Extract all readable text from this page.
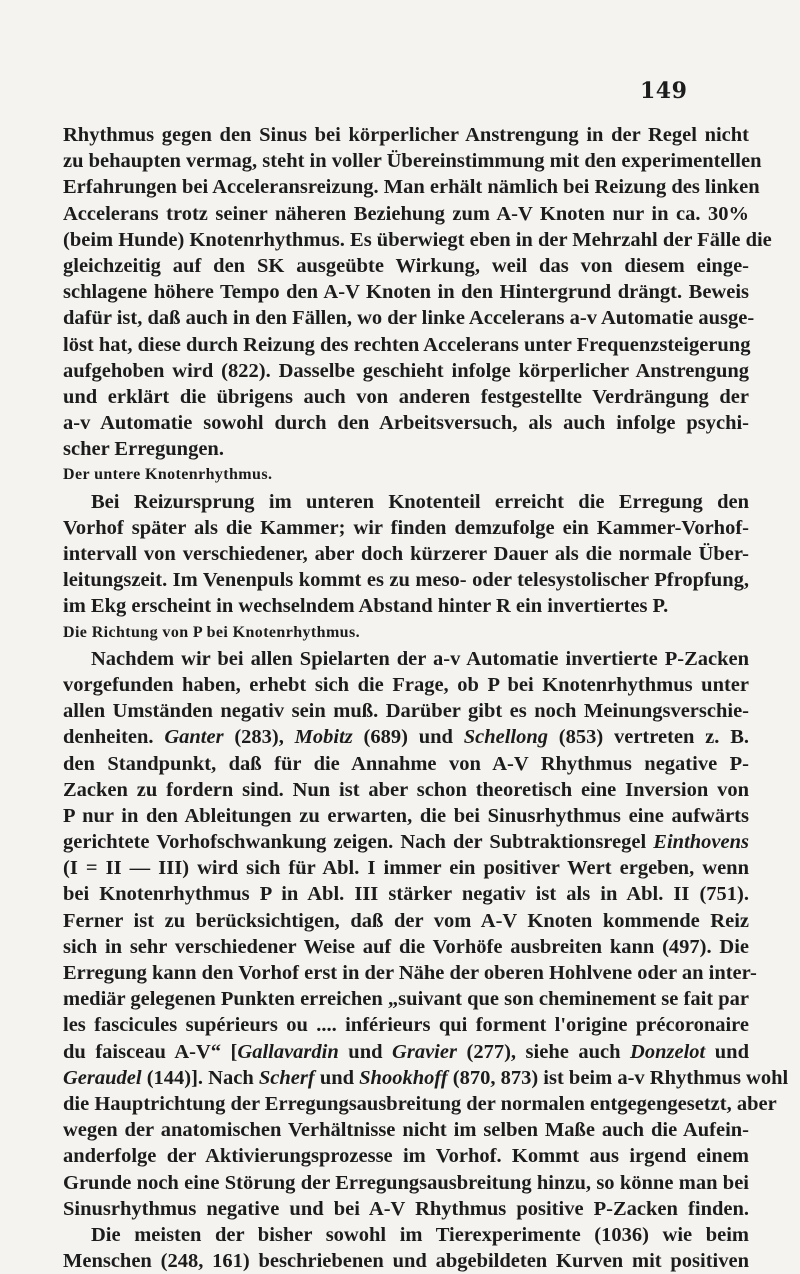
149
Rhythmus gegen den Sinus bei körperlicher Anstrengung in der Regel nicht
zu behaupten vermag, steht in voller Übereinstimmung mit den experimentellen
Erfahrungen bei Acceleransreizung. Man erhält nämlich bei Reizung des linken
Accelerans trotz seiner näheren Beziehung zum A-V Knoten nur in ca. 30%
(beim Hunde) Knotenrhythmus. Es überwiegt eben in der Mehrzahl der Fälle die
gleichzeitig auf den SK ausgeübte Wirkung, weil das von diesem einge-
schlagene höhere Tempo den A-V Knoten in den Hintergrund drängt. Beweis
dafür ist, daß auch in den Fällen, wo der linke Accelerans a-v Automatie ausge-
löst hat, diese durch Reizung des rechten Accelerans unter Frequenzsteigerung
aufgehoben wird (822). Dasselbe geschieht infolge körperlicher Anstrengung
und erklärt die übrigens auch von anderen festgestellte Verdrängung der
a-v Automatie sowohl durch den Arbeitsversuch, als auch infolge psychi-
scher Erregungen.
Der untere Knotenrhythmus.
Bei Reizursprung im unteren Knotenteil erreicht die Erregung den
Vorhof später als die Kammer; wir finden demzufolge ein Kammer-Vorhof-
intervall von verschiedener, aber doch kürzerer Dauer als die normale Über-
leitungszeit. Im Venenpuls kommt es zu meso- oder telesystolischer Pfropfung,
im Ekg erscheint in wechselndem Abstand hinter R ein invertiertes P.
Die Richtung von P bei Knotenrhythmus.
Nachdem wir bei allen Spielarten der a-v Automatie invertierte P-Zacken
vorgefunden haben, erhebt sich die Frage, ob P bei Knotenrhythmus unter
allen Umständen negativ sein muß. Darüber gibt es noch Meinungsverschie-
denheiten. Ganter (283), Mobitz (689) und Schellong (853) vertreten z. B.
den Standpunkt, daß für die Annahme von A-V Rhythmus negative P-
Zacken zu fordern sind. Nun ist aber schon theoretisch eine Inversion von
P nur in den Ableitungen zu erwarten, die bei Sinusrhythmus eine aufwärts
gerichtete Vorhofschwankung zeigen. Nach der Subtraktionsregel Einthovens
(I = II — III) wird sich für Abl. I immer ein positiver Wert ergeben, wenn
bei Knotenrhythmus P in Abl. III stärker negativ ist als in Abl. II (751).
Ferner ist zu berücksichtigen, daß der vom A-V Knoten kommende Reiz
sich in sehr verschiedener Weise auf die Vorhöfe ausbreiten kann (497). Die
Erregung kann den Vorhof erst in der Nähe der oberen Hohlvene oder an inter-
mediär gelegenen Punkten erreichen „suivant que son cheminement se fait par
les fascicules supérieurs ou .... inférieurs qui forment l'origine précoronaire
du faisceau A-V“ [Gallavardin und Gravier (277), siehe auch Donzelot und
Geraudel (144)]. Nach Scherf und Shookhoff (870, 873) ist beim a-v Rhythmus wohl
die Hauptrichtung der Erregungsausbreitung der normalen entgegengesetzt, aber
wegen der anatomischen Verhältnisse nicht im selben Maße auch die Aufein-
anderfolge der Aktivierungsprozesse im Vorhof. Kommt aus irgend einem
Grunde noch eine Störung der Erregungsausbreitung hinzu, so könne man bei
Sinusrhythmus negative und bei A-V Rhythmus positive P-Zacken finden.
Die meisten der bisher sowohl im Tierexperimente (1036) wie beim
Menschen (248, 161) beschriebenen und abgebildeten Kurven mit positiven
